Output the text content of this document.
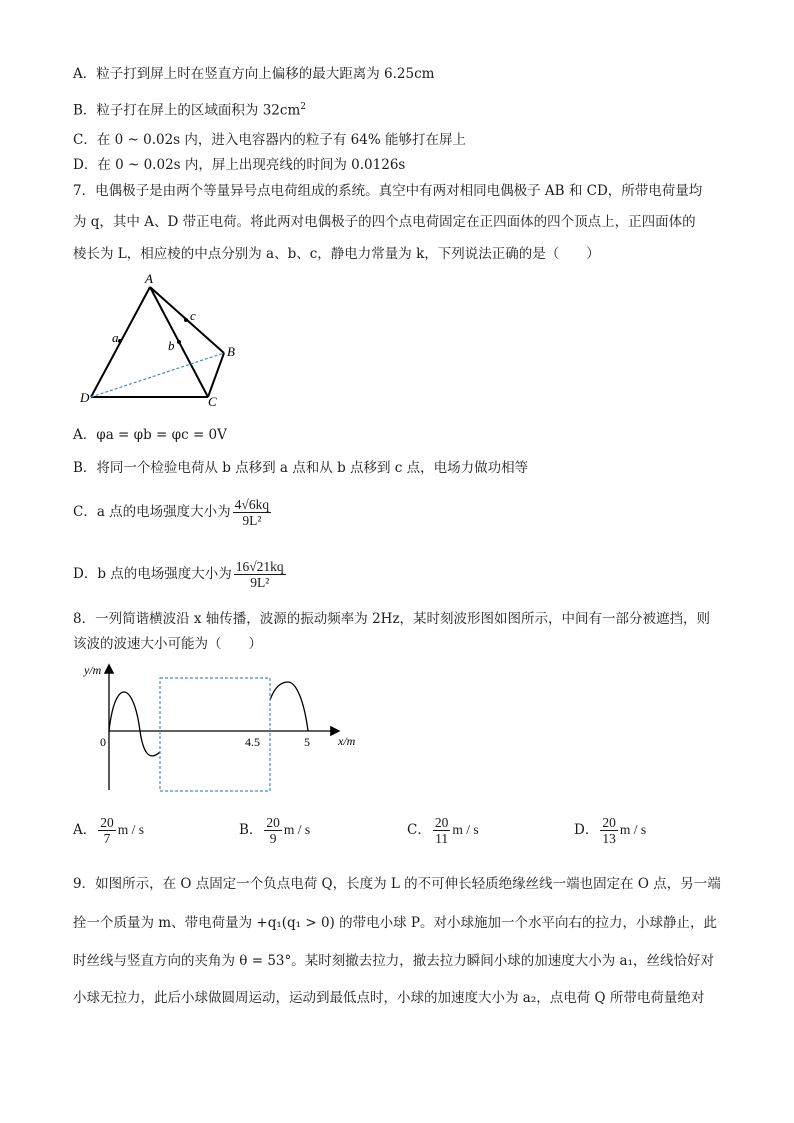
A．粒子打到屏上时在竖直方向上偏移的最大距离为 6.25cm
B．粒子打在屏上的区域面积为 $32cm^2$
C．在 0 ~ 0.02s 内，进入电容器内的粒子有 64% 能够打在屏上
D．在 0 ~ 0.02s 内，屏上出现亮线的时间为 0.0126s
7．电偶极子是由两个等量异号点电荷组成的系统。真空中有两对相同电偶极子 AB 和 CD，所带电荷量均
为 q，其中 A、D 带正电荷。将此两对电偶极子的四个点电荷固定在正四面体的四个顶点上，正四面体的
棱长为 L，相应棱的中点分别为 a、b、c，静电力常量为 k，下列说法正确的是（　　）
A
B
C
D
a
b
c
A．φa = φb = φc = 0V
B．将同一个检验电荷从 b 点移到 a 点和从 b 点移到 c 点，电场力做功相等
C．a 点的电场强度大小为 $\frac{4√6kq}{\text{9L²}}$
D．b 点的电场强度大小为 $\frac{16√21kq}{\text{9L²}}$
8．一列简谐横波沿 x 轴传播，波源的振动频率为 2Hz，某时刻波形图如图所示，中间有一部分被遮挡，则
该波的波速大小可能为（　　）
y/m
x/m
0	4.5	5
A． $\frac{20}{7}$ m / s	B． $\frac{20}{9}$ m / s	C． $\frac{20}{11}$ m / s	D． $\frac{20}{13}$ m / s
9．如图所示，在 O 点固定一个负点电荷 Q，长度为 L 的不可伸长轻质绝缘丝线一端也固定在 O 点，另一端
拴一个质量为 m、带电荷量为 +q₁(q₁ > 0) 的带电小球 P。对小球施加一个水平向右的拉力，小球静止，此
时丝线与竖直方向的夹角为 θ = 53°。某时刻撤去拉力，撤去拉力瞬间小球的加速度大小为 a₁，丝线恰好对
小球无拉力，此后小球做圆周运动，运动到最低点时，小球的加速度大小为 a₂，点电荷 Q 所带电荷量绝对
